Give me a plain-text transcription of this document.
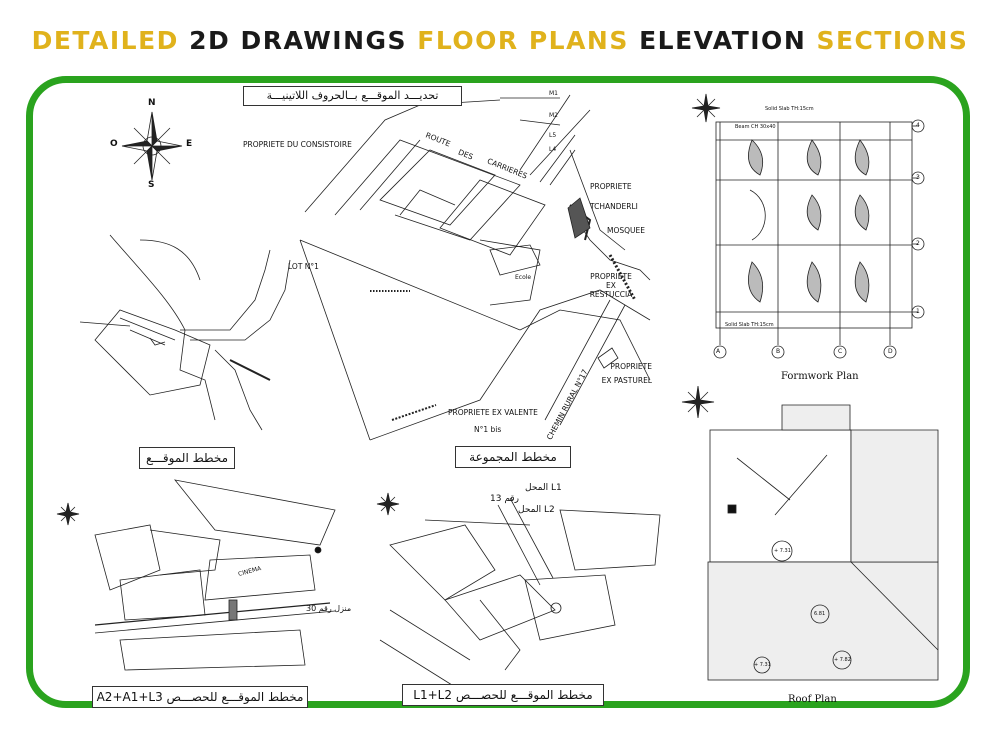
DETAILED 2D DRAWINGS FLOOR PLANS ELEVATION SECTIONS
تحديـــد الموقـــع بــالحروف اللاتينيـــة
مخطط الموقـــع	مخطط المجموعة
A2+A1+L3 مخطط الموقـــع للحصـــص	L1+L2 مخطط الموقـــع للحصـــص
Formwork Plan
Roof Plan
N
S
E
O	PROPRIETE DU CONSISTOIRE	ROUTE
DES
CARRIERES
LOT N°1
PROPRIETE TCHANDERLI
MOSQUEE
PROPRIETE EX RESTUCCIA
PROPRIETE EX PASTUREL
PROPRIETE EX VALENTE
N°1 bis	CHEMIN RURAL N°17
M1
M2
L5
L4
Ecole
المحل L1
رقم 13
المحل L2
منزل رقم 30
CINEMA
A	B	C	D
4
3
2
1
Solid Slab TH:15cm
Solid Slab TH:15cm
Beam CH 30x40
+ 7.31
6.81
+ 7.82
+ 7.31
